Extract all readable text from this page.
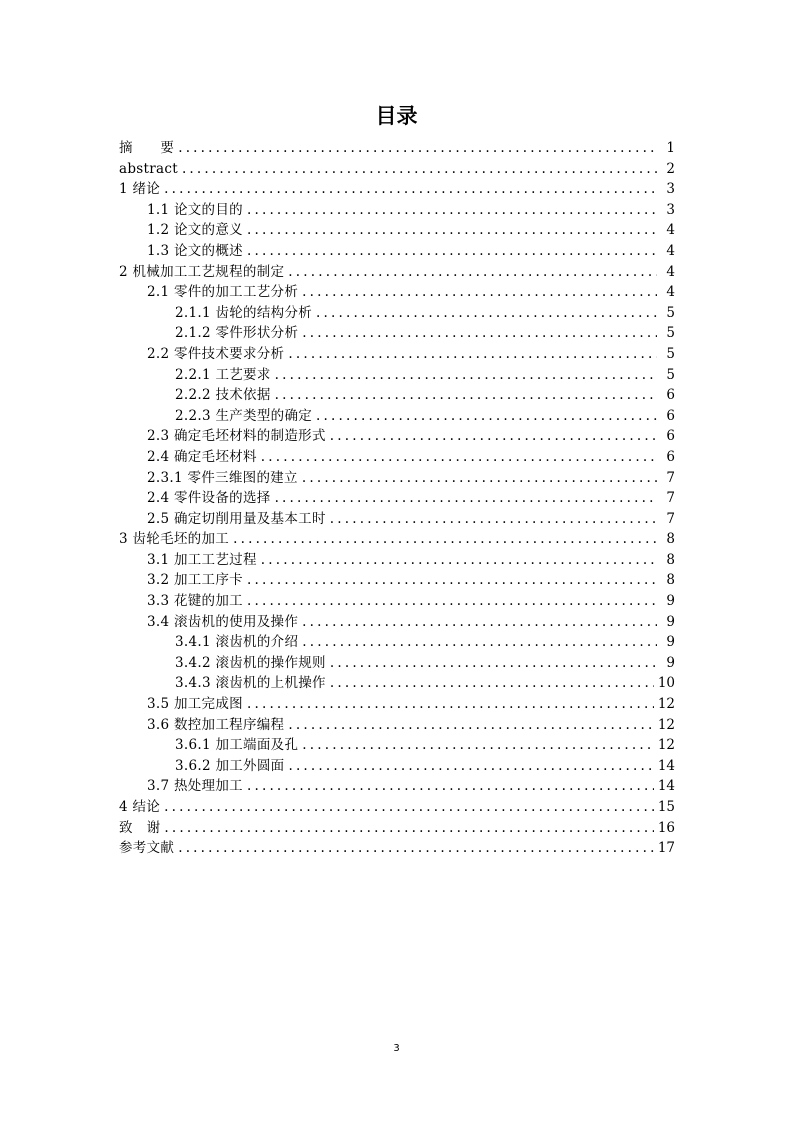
目录
摘　　要 .....	1
abstract .....	2
1 绪论 .....	3
1.1 论文的目的 .....	3
1.2 论文的意义 .....	4
1.3 论文的概述 .....	4
2 机械加工工艺规程的制定 .....	4
2.1 零件的加工工艺分析 .....	4
2.1.1 齿轮的结构分析 .....	5
2.1.2 零件形状分析 .....	5
2.2 零件技术要求分析 .....	5
2.2.1 工艺要求 .....	5
2.2.2 技术依据 .....	6
2.2.3 生产类型的确定 .....	6
2.3 确定毛坯材料的制造形式 .....	6
2.4 确定毛坯材料 .....	6
2.3.1 零件三维图的建立 .....	7
2.4 零件设备的选择 .....	7
2.5 确定切削用量及基本工时 .....	7
3 齿轮毛坯的加工 .....	8
3.1 加工工艺过程 .....	8
3.2 加工工序卡 .....	8
3.3 花键的加工 .....	9
3.4 滚齿机的使用及操作 .....	9
3.4.1 滚齿机的介绍 .....	9
3.4.2 滚齿机的操作规则 .....	9
3.4.3 滚齿机的上机操作 .....	10
3.5 加工完成图 .....	12
3.6 数控加工程序编程 .....	12
3.6.1 加工端面及孔 .....	12
3.6.2 加工外圆面 .....	14
3.7 热处理加工 .....	14
4 结论 .....	15
致　谢 .....	16
参考文献 .....	17
3
